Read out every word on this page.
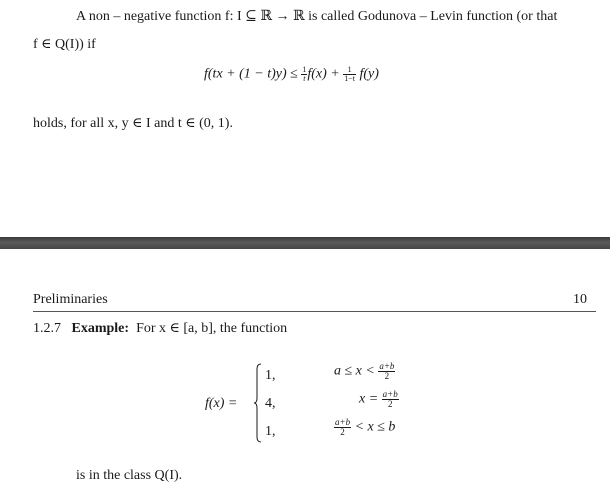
A non – negative function f: I ⊆ ℝ → ℝ is called Godunova – Levin function (or that
f ∈ Q(I)) if
$f(tx + (1 - t)y) \le \frac{1}{t} f(x) + \frac{1}{1-t} f(y)$
holds, for all x, y ∈ I and t ∈ (0, 1).
Preliminaries	10
1.2.7 Example: For x ∈ [a, b], the function
f(x) =
1,
4,
1,
$a \le x < \frac{a+b}{2}$
$x = \frac{a+b}{2}$
$\frac{a+b}{2} < x \le b$
is in the class Q(I).
